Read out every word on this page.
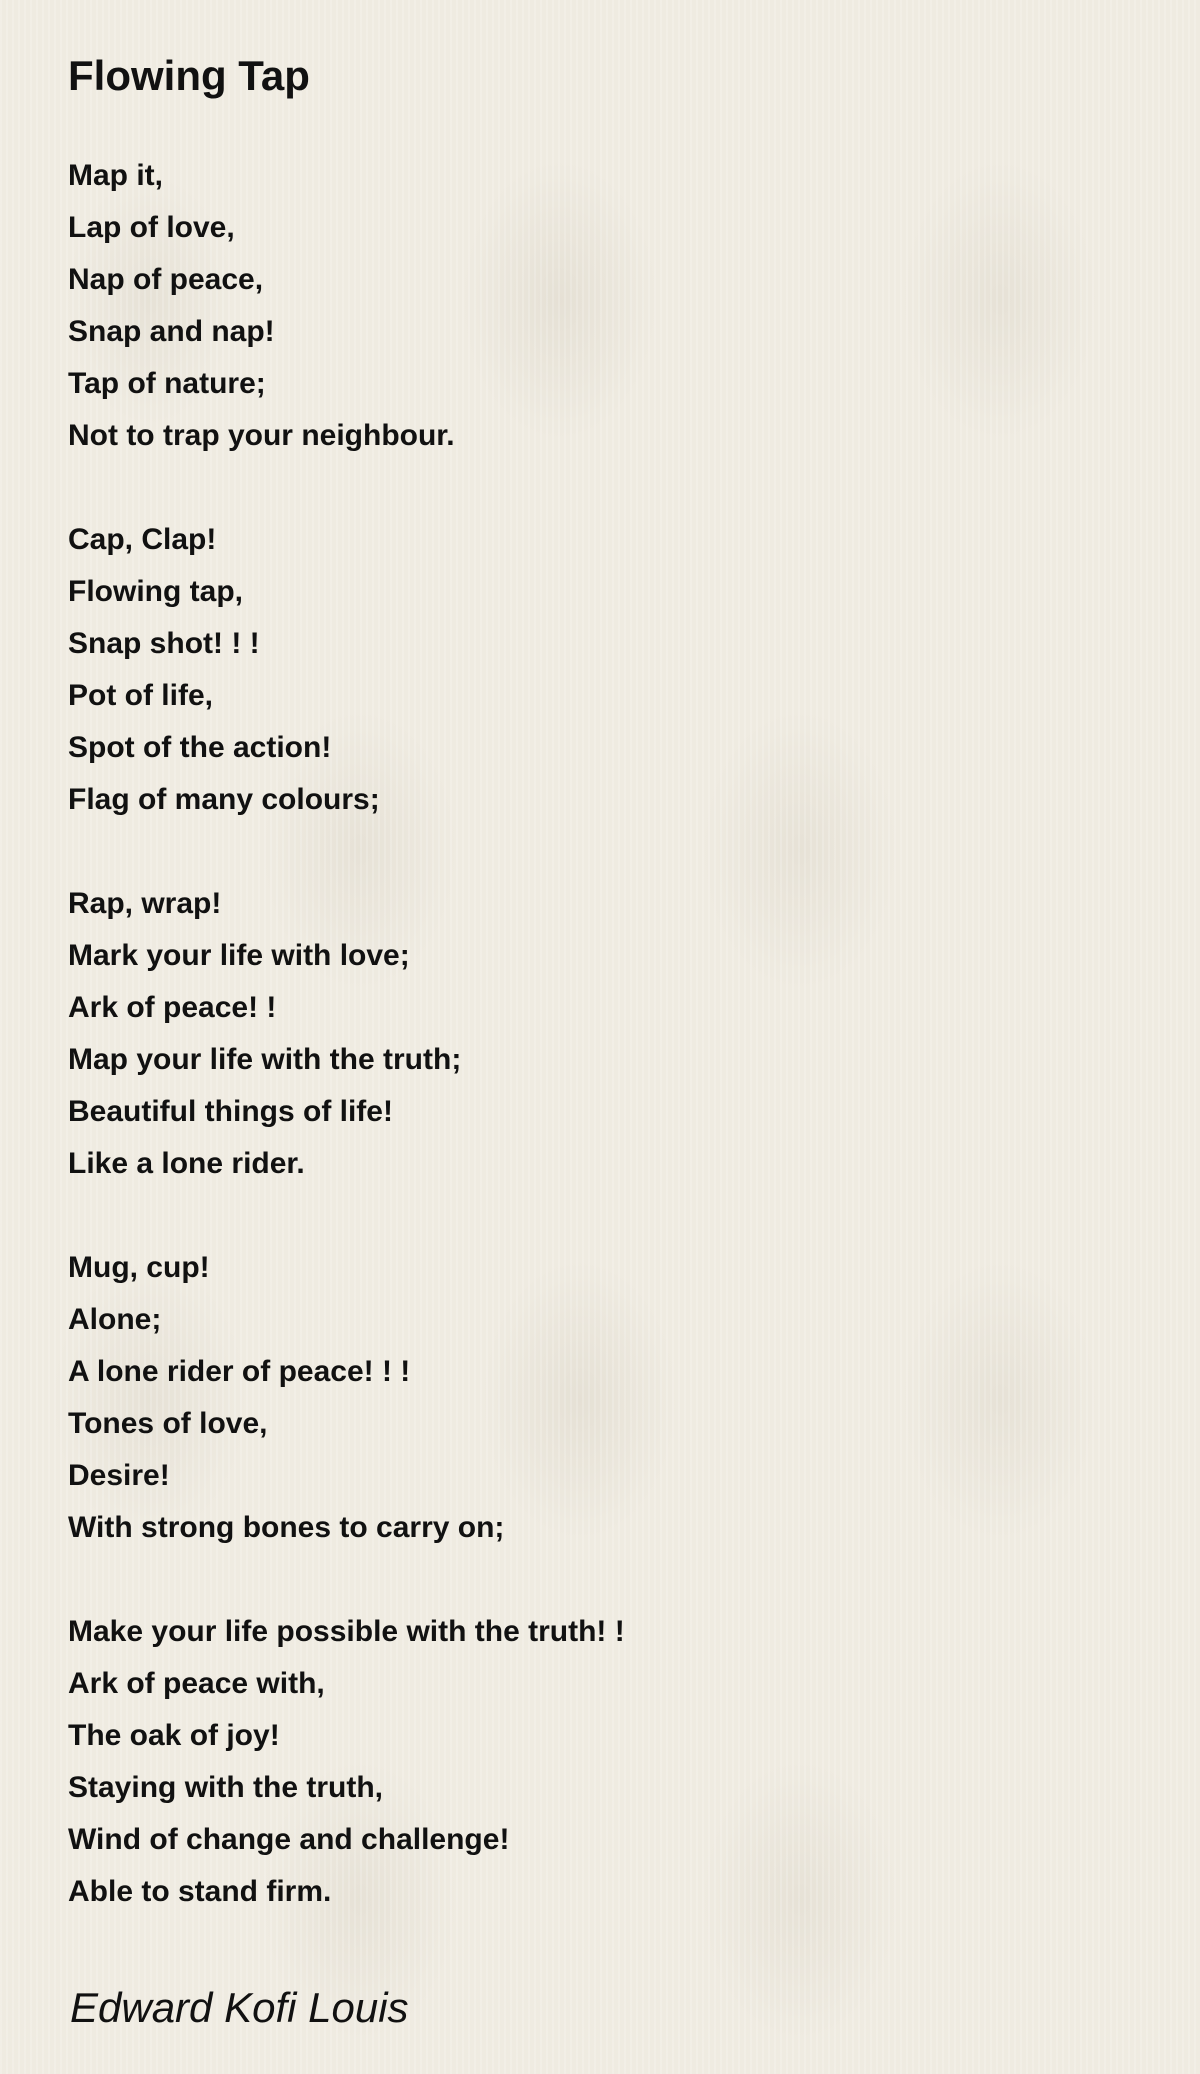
Flowing Tap
Map it,
Lap of love,
Nap of peace,
Snap and nap!
Tap of nature;
Not to trap your neighbour.
Cap, Clap!
Flowing tap,
Snap shot! ! !
Pot of life,
Spot of the action!
Flag of many colours;
Rap, wrap!
Mark your life with love;
Ark of peace! !
Map your life with the truth;
Beautiful things of life!
Like a lone rider.
Mug, cup!
Alone;
A lone rider of peace! ! !
Tones of love,
Desire!
With strong bones to carry on;
Make your life possible with the truth! !
Ark of peace with,
The oak of joy!
Staying with the truth,
Wind of change and challenge!
Able to stand firm.
Edward Kofi Louis
